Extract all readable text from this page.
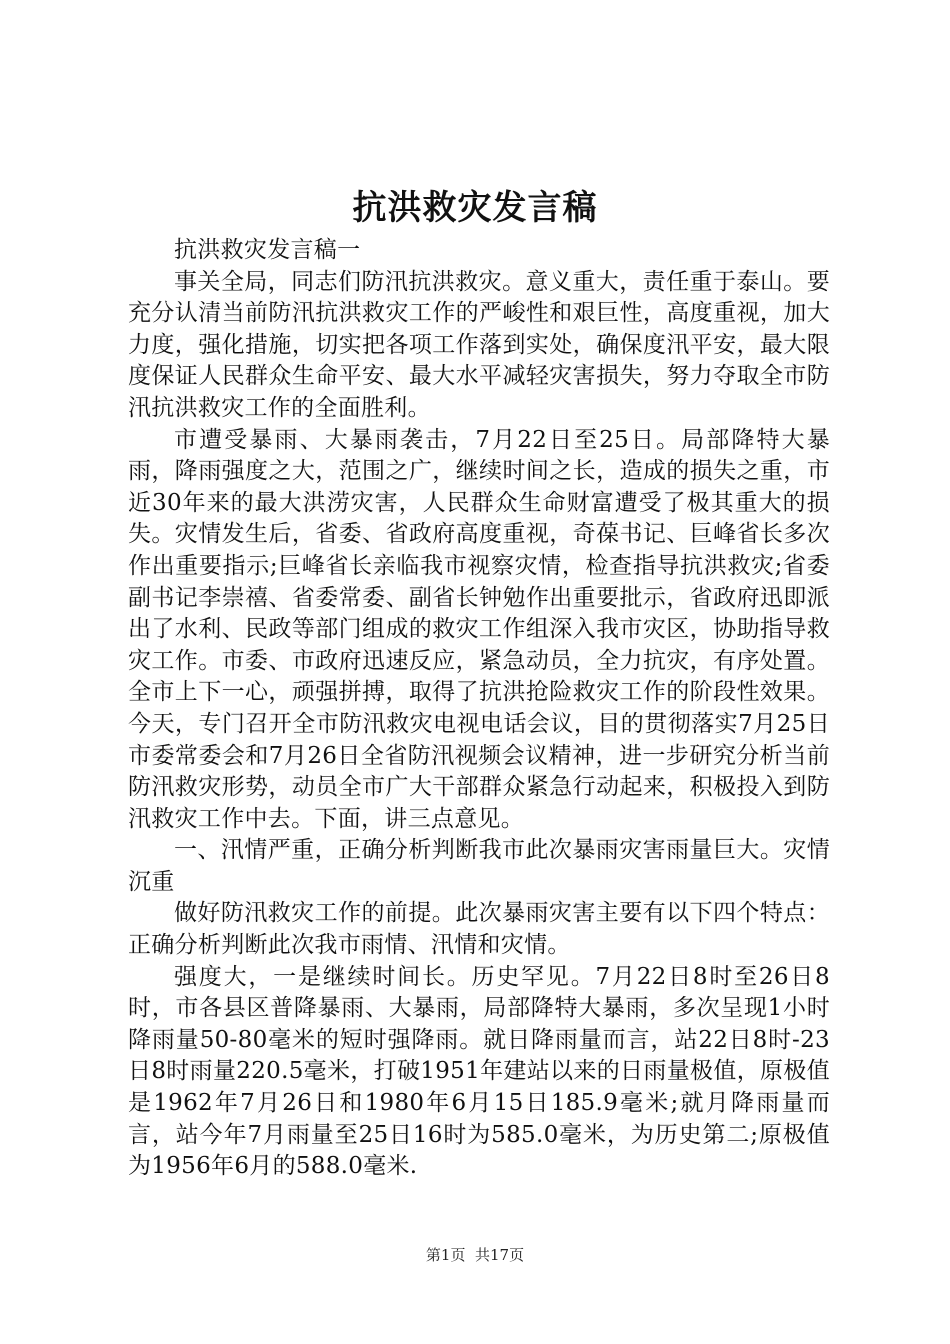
抗洪救灾发言稿

抗洪救灾发言稿一

事关全局，同志们防汛抗洪救灾。意义重大，责任重于泰山。要充分认清当前防汛抗洪救灾工作的严峻性和艰巨性，高度重视，加大力度，强化措施，切实把各项工作落到实处，确保度汛平安，最大限度保证人民群众生命平安、最大水平减轻灾害损失，努力夺取全市防汛抗洪救灾工作的全面胜利。

市遭受暴雨、大暴雨袭击，7月22日至25日。局部降特大暴雨，降雨强度之大，范围之广，继续时间之长，造成的损失之重，市近30年来的最大洪涝灾害，人民群众生命财富遭受了极其重大的损失。灾情发生后，省委、省政府高度重视，奇葆书记、巨峰省长多次作出重要指示;巨峰省长亲临我市视察灾情，检查指导抗洪救灾;省委副书记李崇禧、省委常委、副省长钟勉作出重要批示，省政府迅即派出了水利、民政等部门组成的救灾工作组深入我市灾区，协助指导救灾工作。市委、市政府迅速反应，紧急动员，全力抗灾，有序处置。全市上下一心，顽强拼搏，取得了抗洪抢险救灾工作的阶段性效果。今天，专门召开全市防汛救灾电视电话会议，目的贯彻落实7月25日市委常委会和7月26日全省防汛视频会议精神，进一步研究分析当前防汛救灾形势，动员全市广大干部群众紧急行动起来，积极投入到防汛救灾工作中去。下面，讲三点意见。

一、汛情严重，正确分析判断我市此次暴雨灾害雨量巨大。灾情沉重

做好防汛救灾工作的前提。此次暴雨灾害主要有以下四个特点：正确分析判断此次我市雨情、汛情和灾情。

强度大，一是继续时间长。历史罕见。7月22日8时至26日8时，市各县区普降暴雨、大暴雨，局部降特大暴雨，多次呈现1小时降雨量50-80毫米的短时强降雨。就日降雨量而言，站22日8时-23日8时雨量220.5毫米，打破1951年建站以来的日雨量极值，原极值是1962年7月26日和1980年6月15日185.9毫米;就月降雨量而言，站今年7月雨量至25日16时为585.0毫米，为历史第二;原极值为1956年6月的588.0毫米.

第1页 共17页
